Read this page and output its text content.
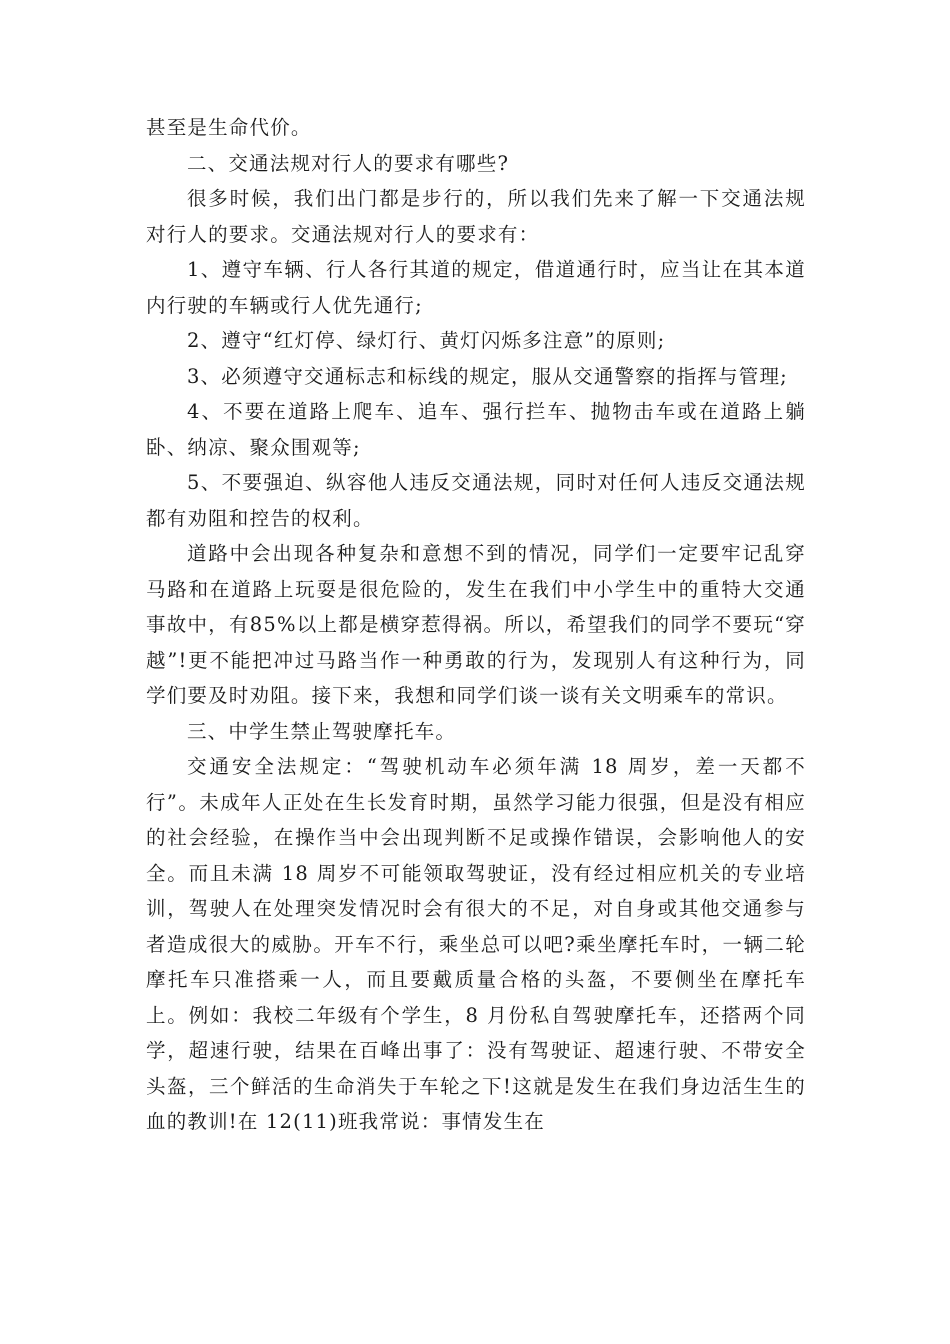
甚至是生命代价。

二、交通法规对行人的要求有哪些?

很多时候，我们出门都是步行的，所以我们先来了解一下交通法规对行人的要求。交通法规对行人的要求有：

1、遵守车辆、行人各行其道的规定，借道通行时，应当让在其本道内行驶的车辆或行人优先通行;

2、遵守“红灯停、绿灯行、黄灯闪烁多注意”的原则;

3、必须遵守交通标志和标线的规定，服从交通警察的指挥与管理;

4、不要在道路上爬车、追车、强行拦车、抛物击车或在道路上躺卧、纳凉、聚众围观等;

5、不要强迫、纵容他人违反交通法规，同时对任何人违反交通法规都有劝阻和控告的权利。

道路中会出现各种复杂和意想不到的情况，同学们一定要牢记乱穿马路和在道路上玩耍是很危险的，发生在我们中小学生中的重特大交通事故中，有85%以上都是横穿惹得祸。所以，希望我们的同学不要玩“穿越”!更不能把冲过马路当作一种勇敢的行为，发现别人有这种行为，同学们要及时劝阻。接下来，我想和同学们谈一谈有关文明乘车的常识。

三、中学生禁止驾驶摩托车。

交通安全法规定：“驾驶机动车必须年满 18 周岁，差一天都不行”。未成年人正处在生长发育时期，虽然学习能力很强，但是没有相应的社会经验，在操作当中会出现判断不足或操作错误，会影响他人的安全。而且未满 18 周岁不可能领取驾驶证，没有经过相应机关的专业培训，驾驶人在处理突发情况时会有很大的不足，对自身或其他交通参与者造成很大的威胁。开车不行，乘坐总可以吧?乘坐摩托车时，一辆二轮摩托车只准搭乘一人，而且要戴质量合格的头盔，不要侧坐在摩托车上。例如：我校二年级有个学生，8 月份私自驾驶摩托车，还搭两个同学，超速行驶，结果在百峰出事了：没有驾驶证、超速行驶、不带安全头盔，三个鲜活的生命消失于车轮之下!这就是发生在我们身边活生生的血的教训!在 12(11)班我常说：事情发生在
